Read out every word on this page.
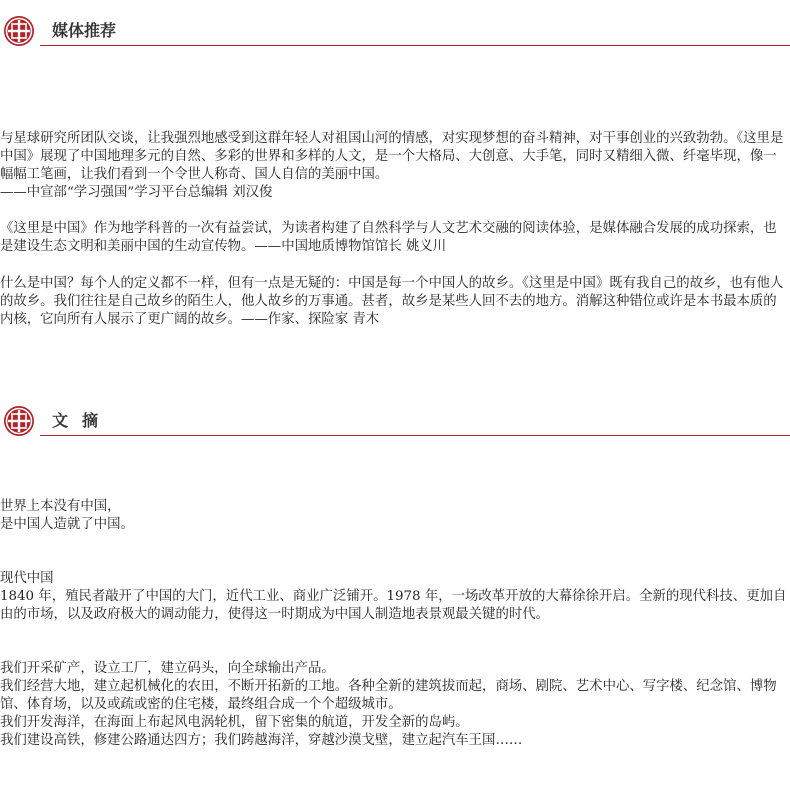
媒体推荐
与星球研究所团队交谈，让我强烈地感受到这群年轻人对祖国山河的情感，对实现梦想的奋斗精神，对干事创业的兴致勃勃。《这里是中国》展现了中国地理多元的自然、多彩的世界和多样的人文，是一个大格局、大创意、大手笔，同时又精细入微、纤毫毕现，像一幅幅工笔画，让我们看到一个令世人称奇、国人自信的美丽中国。
——中宣部“学习强国”学习平台总编辑 刘汉俊
《这里是中国》作为地学科普的一次有益尝试，为读者构建了自然科学与人文艺术交融的阅读体验，是媒体融合发展的成功探索，也是建设生态文明和美丽中国的生动宣传物。——中国地质博物馆馆长 姚义川
什么是中国？每个人的定义都不一样，但有一点是无疑的：中国是每一个中国人的故乡。《这里是中国》既有我自己的故乡，也有他人的故乡。我们往往是自己故乡的陌生人，他人故乡的万事通。甚者，故乡是某些人回不去的地方。消解这种错位或许是本书最本质的内核，它向所有人展示了更广阔的故乡。——作家、探险家 青木
文摘
世界上本没有中国，
是中国人造就了中国。
现代中国
1840 年，殖民者敲开了中国的大门，近代工业、商业广泛铺开。1978 年，一场改革开放的大幕徐徐开启。全新的现代科技、更加自由的市场，以及政府极大的调动能力，使得这一时期成为中国人制造地表景观最关键的时代。
我们开采矿产，设立工厂，建立码头，向全球输出产品。
我们经营大地，建立起机械化的农田，不断开拓新的工地。各种全新的建筑拔而起，商场、剧院、艺术中心、写字楼、纪念馆、博物馆、体育场，以及或疏或密的住宅楼，最终组合成一个个超级城市。
我们开发海洋，在海面上布起风电涡轮机，留下密集的航道，开发全新的岛屿。
我们建设高铁，修建公路通达四方；我们跨越海洋，穿越沙漠戈壁，建立起汽车王国……
